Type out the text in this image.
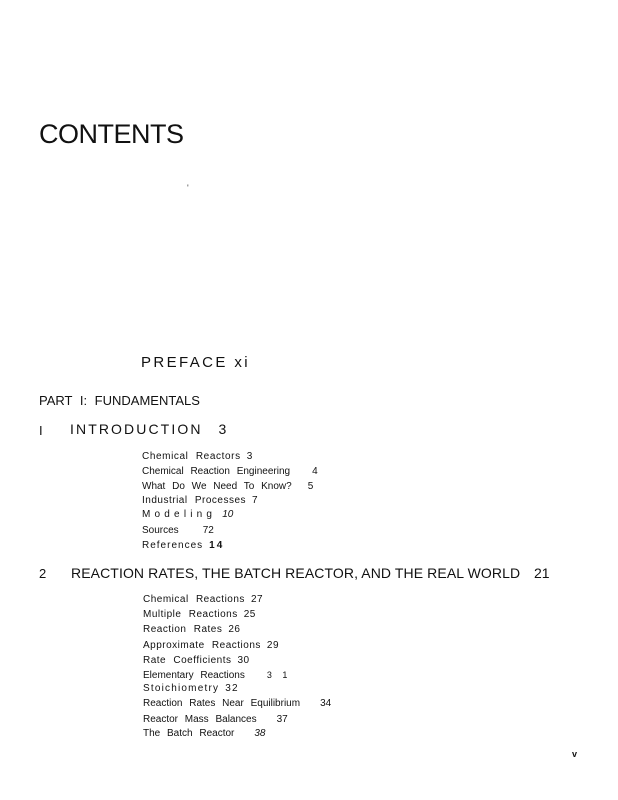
CONTENTS
'
PREFACE xi
PART I: FUNDAMENTALS
I INTRODUCTION 3
Chemical Reactors 3
Chemical Reaction Engineering 4
What Do We Need To Know? 5
Industrial Processes 7
Modeling 10
Sources 72
References 14
2 REACTION RATES, THE BATCH REACTOR, AND THE REAL WORLD 21
Chemical Reactions 27
Multiple Reactions 25
Reaction Rates 26
Approximate Reactions 29
Rate Coefficients 30
Elementary Reactions 3 1
Stoichiometry 32
Reaction Rates Near Equilibrium 34
Reactor Mass Balances 37
The Batch Reactor 38
v
